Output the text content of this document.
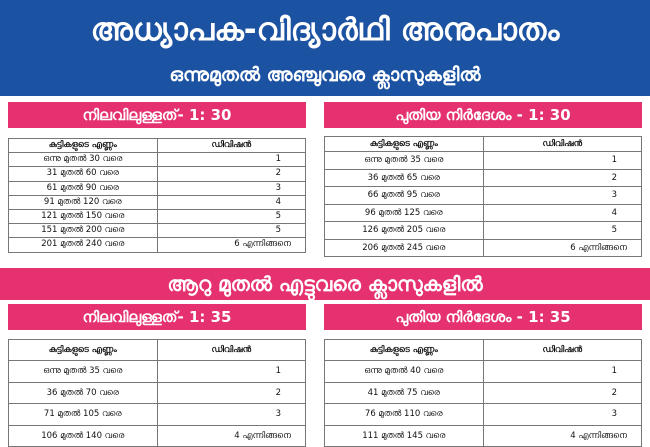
അധ്യാപക-വിദ്യാർഥി അനുപാതം
ഒന്നുമുതൽ അഞ്ചുവരെ ക്ലാസുകളിൽ
നിലവിലുള്ളത്- 1: 30
കുട്ടികളുടെ എണ്ണം	ഡിവിഷൻ
ഒന്നു മുതൽ 30 വരെ	1
31 മുതൽ 60 വരെ	2
61 മുതൽ 90 വരെ	3
91 മുതൽ 120 വരെ	4
121 മുതൽ 150 വരെ	5
151 മുതൽ 200 വരെ	5
201 മുതൽ 240 വരെ	6 എന്നിങ്ങനെ
പുതിയ നിർദേശം - 1: 30
കുട്ടികളുടെ എണ്ണം	ഡിവിഷൻ
ഒന്നു മുതൽ 35 വരെ	1
36 മുതൽ 65 വരെ	2
66 മുതൽ 95 വരെ	3
96 മുതൽ 125 വരെ	4
126 മുതൽ 205 വരെ	5
206 മുതൽ 245 വരെ	6 എന്നിങ്ങനെ
ആറു മുതൽ എട്ടുവരെ ക്ലാസുകളിൽ
നിലവിലുള്ളത്- 1: 35
കുട്ടികളുടെ എണ്ണം	ഡിവിഷൻ
ഒന്നു മുതൽ 35 വരെ	1
36 മുതൽ 70 വരെ	2
71 മുതൽ 105 വരെ	3
106 മുതൽ 140 വരെ	4 എന്നിങ്ങനെ
പുതിയ നിർദേശം - 1: 35
കുട്ടികളുടെ എണ്ണം	ഡിവിഷൻ
ഒന്നു മുതൽ 40 വരെ	1
41 മുതൽ 75 വരെ	2
76 മുതൽ 110 വരെ	3
111 മുതൽ 145 വരെ	4 എന്നിങ്ങനെ
